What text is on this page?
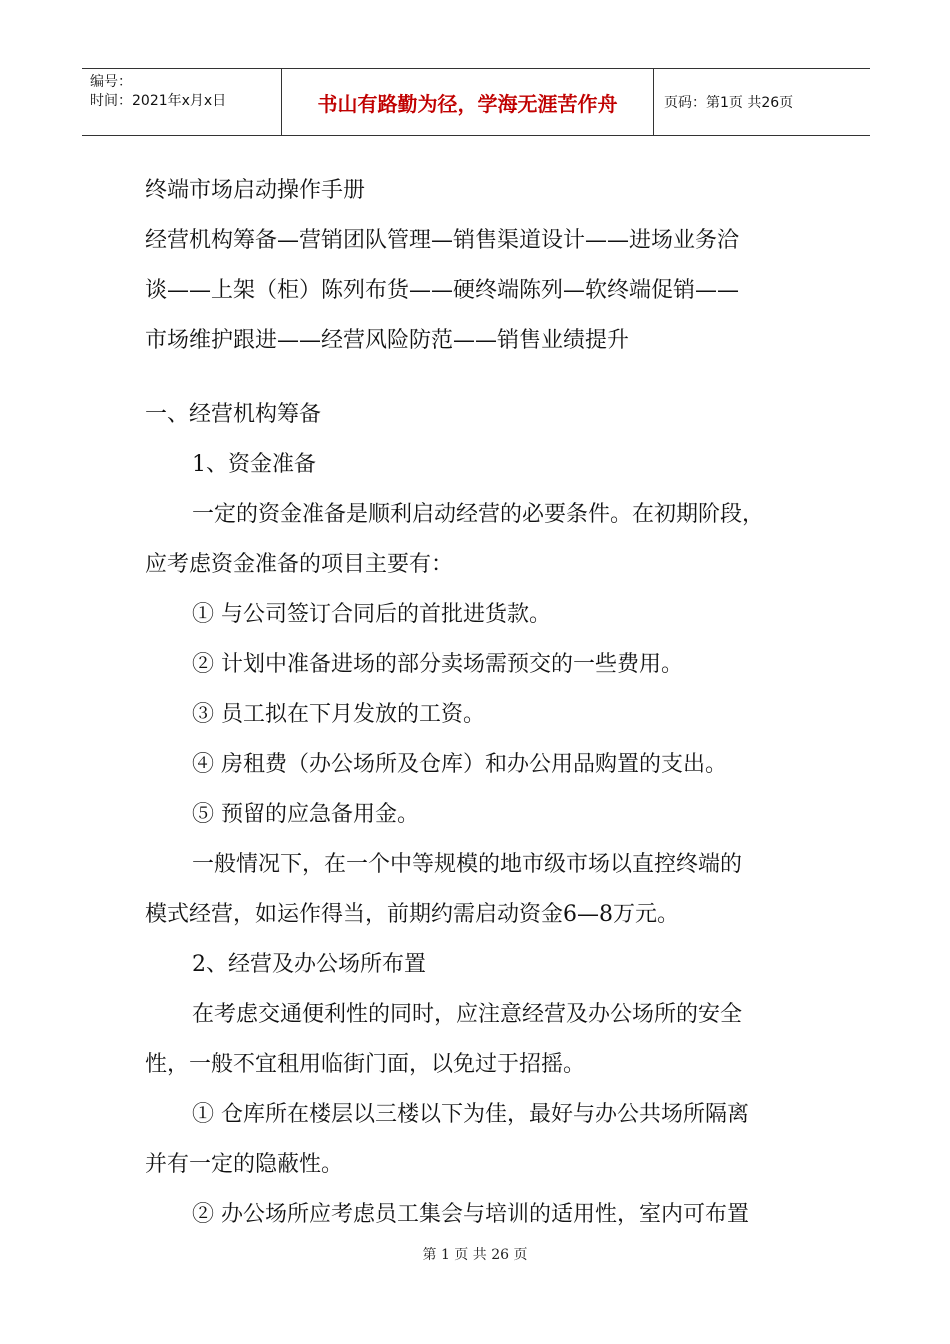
编号：
时间：2021年x月x日	书山有路勤为径，学海无涯苦作舟	页码：第1页 共26页
终端市场启动操作手册
经营机构筹备—营销团队管理—销售渠道设计——进场业务洽
谈——上架（柜）陈列布货——硬终端陈列—软终端促销——
市场维护跟进——经营风险防范——销售业绩提升
一、经营机构筹备
1、资金准备
一定的资金准备是顺利启动经营的必要条件。在初期阶段，
应考虑资金准备的项目主要有：
① 与公司签订合同后的首批进货款。
② 计划中准备进场的部分卖场需预交的一些费用。
③ 员工拟在下月发放的工资。
④ 房租费（办公场所及仓库）和办公用品购置的支出。
⑤ 预留的应急备用金。
一般情况下，在一个中等规模的地市级市场以直控终端的
模式经营，如运作得当，前期约需启动资金6—8万元。
2、经营及办公场所布置
在考虑交通便利性的同时，应注意经营及办公场所的安全
性，一般不宜租用临街门面，以免过于招摇。
① 仓库所在楼层以三楼以下为佳，最好与办公共场所隔离
并有一定的隐蔽性。
② 办公场所应考虑员工集会与培训的适用性，室内可布置
第 1 页 共 26 页
